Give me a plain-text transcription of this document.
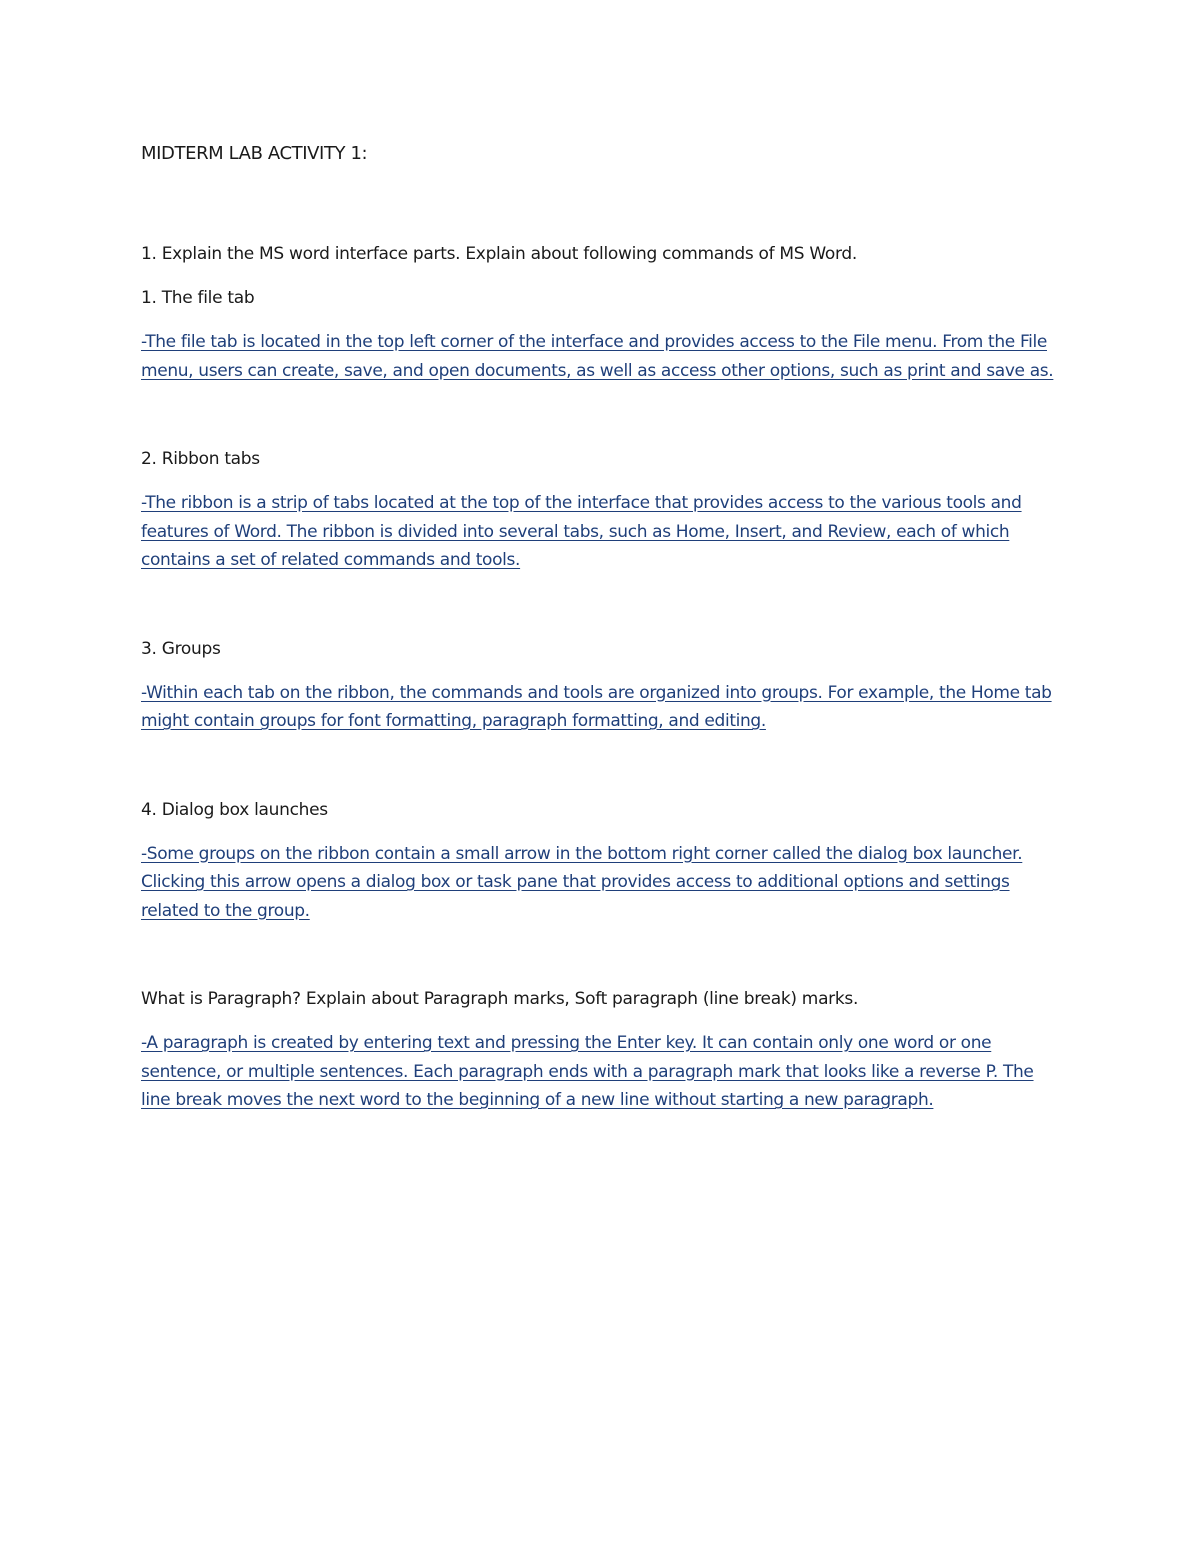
MIDTERM LAB ACTIVITY 1:

1. Explain the MS word interface parts. Explain about following commands of MS Word.

1. The file tab

-The file tab is located in the top left corner of the interface and provides access to the File menu. From the File menu, users can create, save, and open documents, as well as access other options, such as print and save as.

2. Ribbon tabs

-The ribbon is a strip of tabs located at the top of the interface that provides access to the various tools and features of Word. The ribbon is divided into several tabs, such as Home, Insert, and Review, each of which contains a set of related commands and tools.

3. Groups

-Within each tab on the ribbon, the commands and tools are organized into groups. For example, the Home tab might contain groups for font formatting, paragraph formatting, and editing.

4. Dialog box launches

-Some groups on the ribbon contain a small arrow in the bottom right corner called the dialog box launcher. Clicking this arrow opens a dialog box or task pane that provides access to additional options and settings related to the group.

What is Paragraph? Explain about Paragraph marks, Soft paragraph (line break) marks.

-A paragraph is created by entering text and pressing the Enter key. It can contain only one word or one sentence, or multiple sentences. Each paragraph ends with a paragraph mark that looks like a reverse P. The line break moves the next word to the beginning of a new line without starting a new paragraph.
